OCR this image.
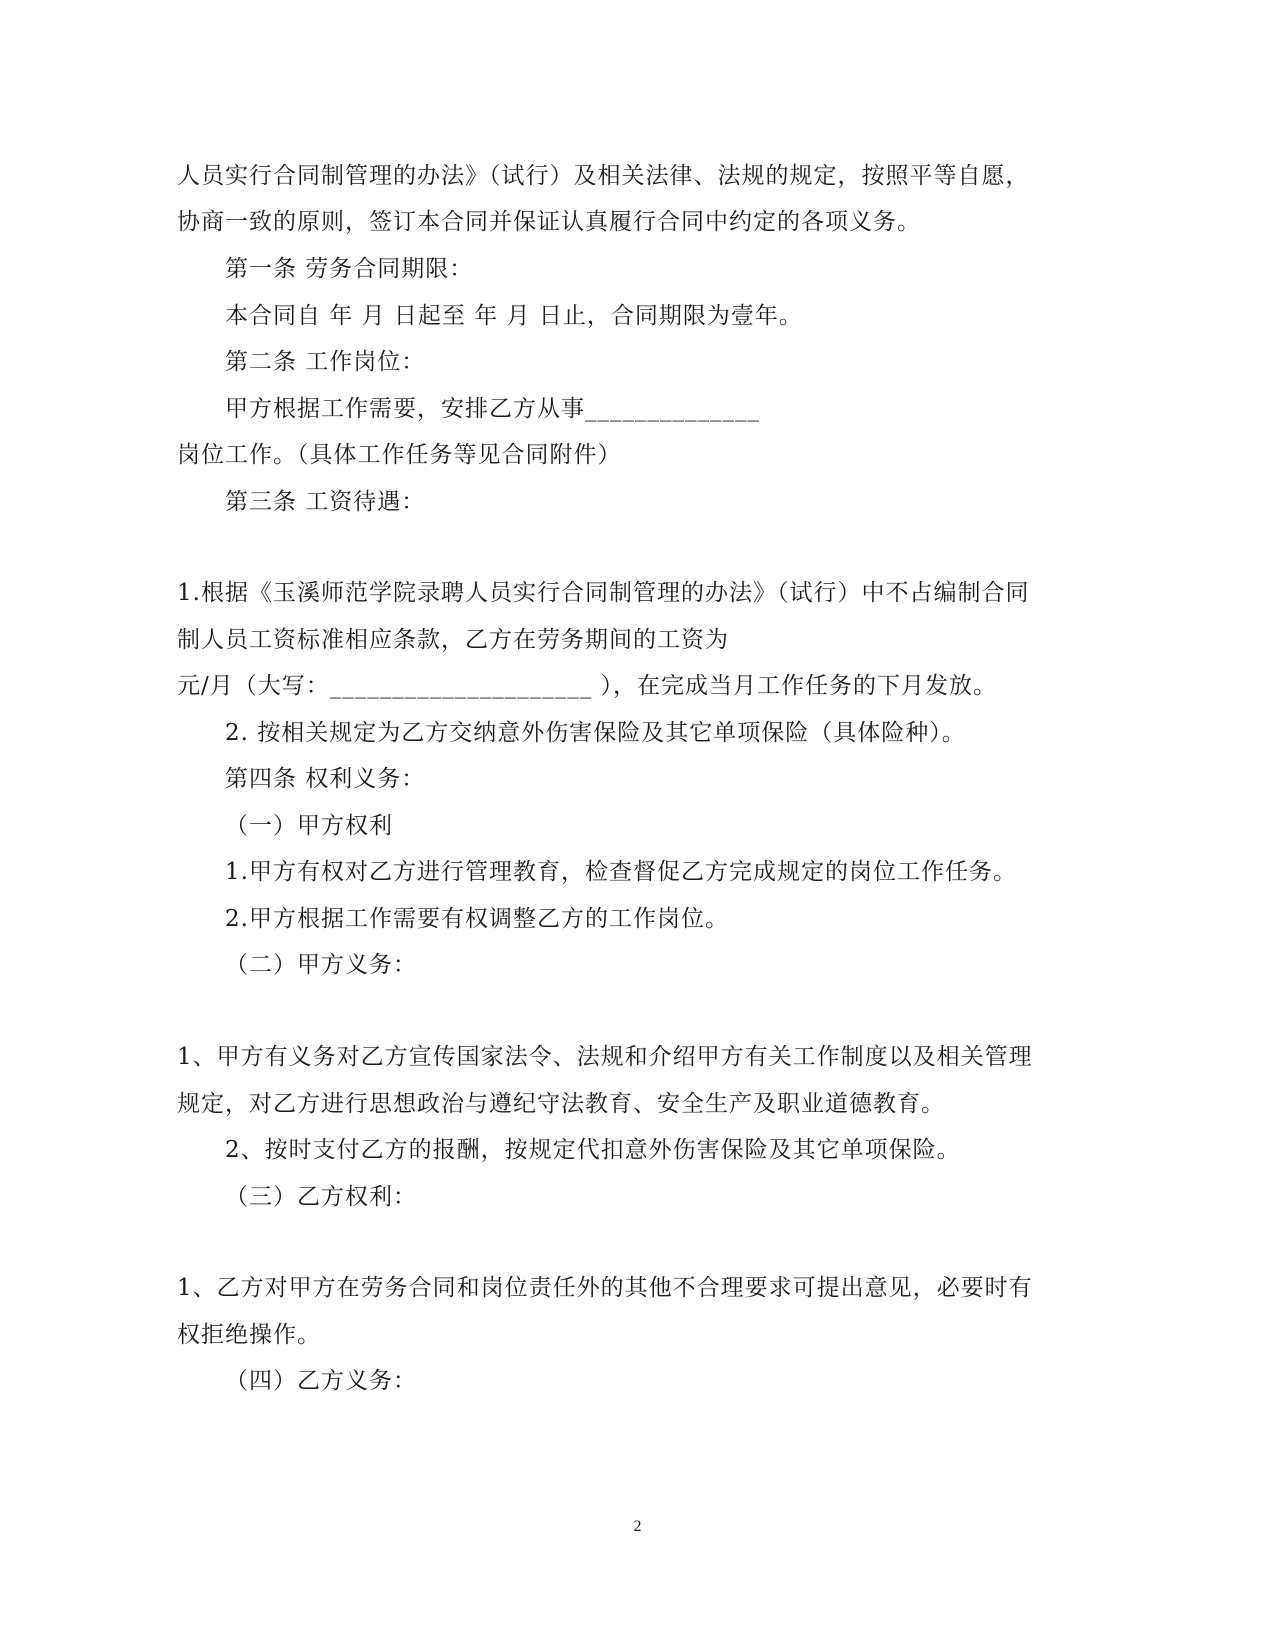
人员实行合同制管理的办法》（试行）及相关法律、法规的规定，按照平等自愿，
协商一致的原则，签订本合同并保证认真履行合同中约定的各项义务。
第一条 劳务合同期限：
本合同自 年 月 日起至 年 月 日止，合同期限为壹年。
第二条 工作岗位：
甲方根据工作需要，安排乙方从事______________
岗位工作。（具体工作任务等见合同附件）
第三条 工资待遇：
1.根据《玉溪师范学院录聘人员实行合同制管理的办法》（试行）中不占编制合同
制人员工资标准相应条款，乙方在劳务期间的工资为
元/月（大写：_____________________ ），在完成当月工作任务的下月发放。
2. 按相关规定为乙方交纳意外伤害保险及其它单项保险（具体险种）。
第四条 权利义务：
（一）甲方权利
1.甲方有权对乙方进行管理教育，检查督促乙方完成规定的岗位工作任务。
2.甲方根据工作需要有权调整乙方的工作岗位。
（二）甲方义务：
1、甲方有义务对乙方宣传国家法令、法规和介绍甲方有关工作制度以及相关管理
规定，对乙方进行思想政治与遵纪守法教育、安全生产及职业道德教育。
2、按时支付乙方的报酬，按规定代扣意外伤害保险及其它单项保险。
（三）乙方权利：
1、乙方对甲方在劳务合同和岗位责任外的其他不合理要求可提出意见，必要时有
权拒绝操作。
（四）乙方义务：
2
